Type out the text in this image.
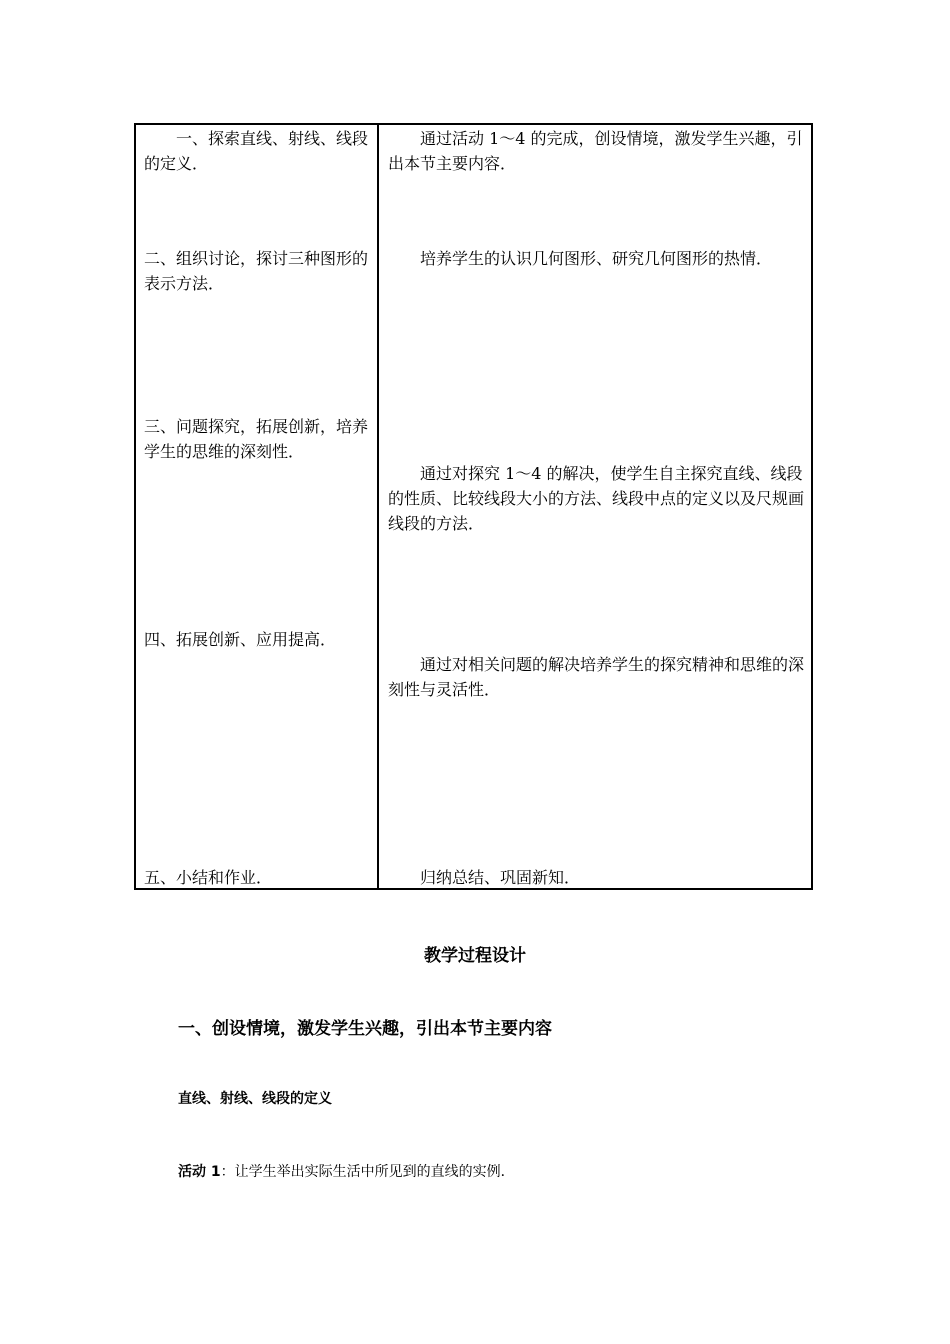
一、探索直线、射线、线段的定义．

通过活动 1～4 的完成，创设情境，激发学生兴趣，引出本节主要内容．

二、组织讨论，探讨三种图形的表示方法．

培养学生的认识几何图形、研究几何图形的热情．

三、问题探究，拓展创新，培养学生的思维的深刻性．

通过对探究 1～4 的解决，使学生自主探究直线、线段的性质、比较线段大小的方法、线段中点的定义以及尺规画线段的方法．

四、拓展创新、应用提高．

通过对相关问题的解决培养学生的探究精神和思维的深刻性与灵活性．

五、小结和作业．	归纳总结、巩固新知．

教学过程设计
一、创设情境，激发学生兴趣，引出本节主要内容
直线、射线、线段的定义
活动 1：让学生举出实际生活中所见到的直线的实例．
